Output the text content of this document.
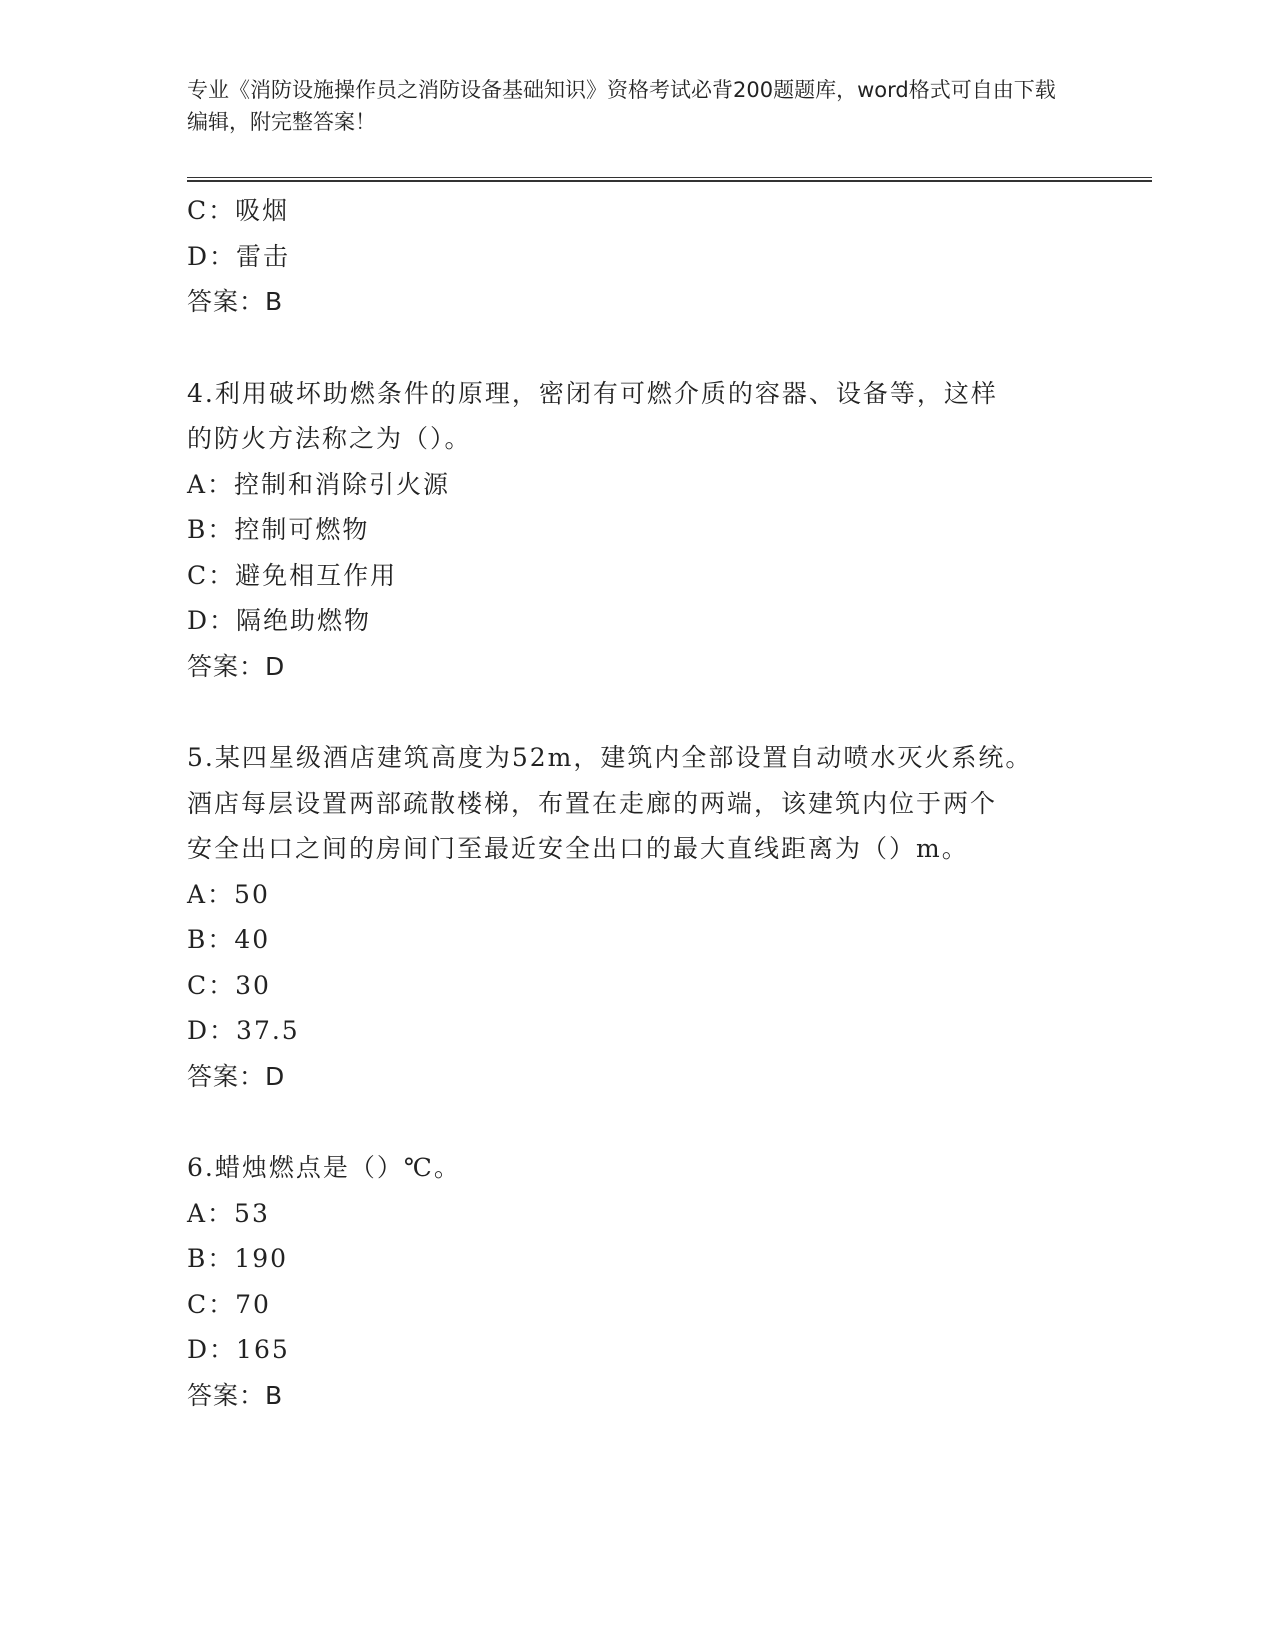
专业《消防设施操作员之消防设备基础知识》资格考试必背200题题库，word格式可自由下载编辑，附完整答案！
C：吸烟
D：雷击
答案：B
4.利用破坏助燃条件的原理，密闭有可燃介质的容器、设备等，这样
的防火方法称之为（）。
A：控制和消除引火源
B：控制可燃物
C：避免相互作用
D：隔绝助燃物
答案：D
5.某四星级酒店建筑高度为52m，建筑内全部设置自动喷水灭火系统。
酒店每层设置两部疏散楼梯，布置在走廊的两端，该建筑内位于两个
安全出口之间的房间门至最近安全出口的最大直线距离为（）m。
A：50
B：40
C：30
D：37.5
答案：D
6.蜡烛燃点是（）℃。
A：53
B：190
C：70
D：165
答案：B
